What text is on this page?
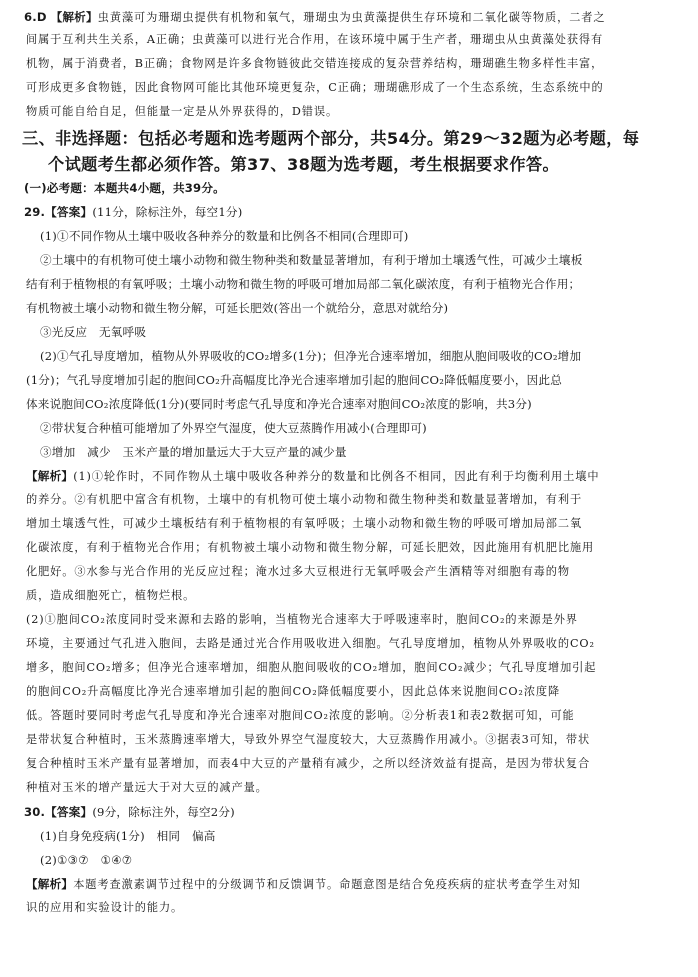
6.D 【解析】虫黄藻可为珊瑚虫提供有机物和氧气，珊瑚虫为虫黄藻提供生存环境和二氧化碳等物质，二者之

间属于互利共生关系，A正确；虫黄藻可以进行光合作用，在该环境中属于生产者，珊瑚虫从虫黄藻处获得有

机物，属于消费者，B正确；食物网是许多食物链彼此交错连接成的复杂营养结构，珊瑚礁生物多样性丰富，

可形成更多食物链，因此食物网可能比其他环境更复杂，C正确；珊瑚礁形成了一个生态系统，生态系统中的

物质可能自给自足，但能量一定是从外界获得的，D错误。

三、非选择题：包括必考题和选考题两个部分，共54分。第29～32题为必考题，每

个试题考生都必须作答。第37、38题为选考题，考生根据要求作答。

(一)必考题：本题共4小题，共39分。

29.【答案】(11分，除标注外，每空1分)

(1)①不同作物从土壤中吸收各种养分的数量和比例各不相同(合理即可)

②土壤中的有机物可使土壤小动物和微生物种类和数量显著增加，有利于增加土壤透气性，可减少土壤板

结有利于植物根的有氧呼吸；土壤小动物和微生物的呼吸可增加局部二氧化碳浓度，有利于植物光合作用；

有机物被土壤小动物和微生物分解，可延长肥效(答出一个就给分，意思对就给分)

③光反应　无氧呼吸

(2)①气孔导度增加，植物从外界吸收的CO₂增多(1分)；但净光合速率增加，细胞从胞间吸收的CO₂增加

(1分)；气孔导度增加引起的胞间CO₂升高幅度比净光合速率增加引起的胞间CO₂降低幅度要小，因此总

体来说胞间CO₂浓度降低(1分)(要同时考虑气孔导度和净光合速率对胞间CO₂浓度的影响，共3分)

②带状复合种植可能增加了外界空气湿度，使大豆蒸腾作用减小(合理即可)

③增加　减少　玉米产量的增加量远大于大豆产量的减少量

【解析】(1)①轮作时，不同作物从土壤中吸收各种养分的数量和比例各不相同，因此有利于均衡利用土壤中

的养分。②有机肥中富含有机物，土壤中的有机物可使土壤小动物和微生物种类和数量显著增加，有利于

增加土壤透气性，可减少土壤板结有利于植物根的有氧呼吸；土壤小动物和微生物的呼吸可增加局部二氧

化碳浓度，有利于植物光合作用；有机物被土壤小动物和微生物分解，可延长肥效，因此施用有机肥比施用

化肥好。③水参与光合作用的光反应过程；淹水过多大豆根进行无氧呼吸会产生酒精等对细胞有毒的物

质，造成细胞死亡，植物烂根。

(2)①胞间CO₂浓度同时受来源和去路的影响，当植物光合速率大于呼吸速率时，胞间CO₂的来源是外界

环境，主要通过气孔进入胞间，去路是通过光合作用吸收进入细胞。气孔导度增加，植物从外界吸收的CO₂

增多，胞间CO₂增多；但净光合速率增加，细胞从胞间吸收的CO₂增加，胞间CO₂减少；气孔导度增加引起

的胞间CO₂升高幅度比净光合速率增加引起的胞间CO₂降低幅度要小，因此总体来说胞间CO₂浓度降

低。答题时要同时考虑气孔导度和净光合速率对胞间CO₂浓度的影响。②分析表1和表2数据可知，可能

是带状复合种植时，玉米蒸腾速率增大，导致外界空气湿度较大，大豆蒸腾作用减小。③据表3可知，带状

复合种植时玉米产量有显著增加，而表4中大豆的产量稍有减少，之所以经济效益有提高，是因为带状复合

种植对玉米的增产量远大于对大豆的减产量。

30.【答案】(9分，除标注外，每空2分)

(1)自身免疫病(1分)　相同　偏高

(2)①③⑦　①④⑦

【解析】本题考查激素调节过程中的分级调节和反馈调节。命题意图是结合免疫疾病的症状考查学生对知

识的应用和实验设计的能力。
